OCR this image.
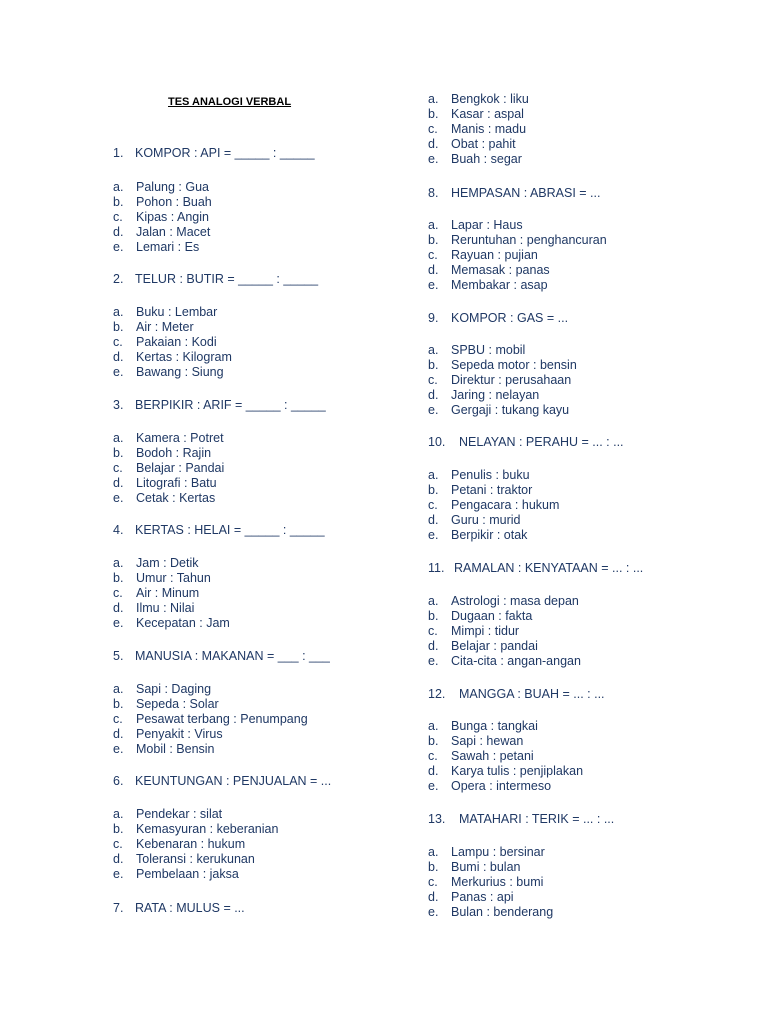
TES ANALOGI VERBAL
1. KOMPOR : API = _____ : _____
a. Palung : Gua
b. Pohon : Buah
c. Kipas : Angin
d. Jalan : Macet
e. Lemari : Es
2. TELUR : BUTIR = _____ : _____
a. Buku : Lembar
b. Air : Meter
c. Pakaian : Kodi
d. Kertas : Kilogram
e. Bawang : Siung
3. BERPIKIR : ARIF = _____ : _____
a. Kamera : Potret
b. Bodoh : Rajin
c. Belajar : Pandai
d. Litografi : Batu
e. Cetak : Kertas
4. KERTAS : HELAI = _____ : _____
a. Jam : Detik
b. Umur : Tahun
c. Air : Minum
d. Ilmu : Nilai
e. Kecepatan : Jam
5. MANUSIA : MAKANAN = ___ : ___
a. Sapi : Daging
b. Sepeda : Solar
c. Pesawat terbang : Penumpang
d. Penyakit : Virus
e. Mobil : Bensin
6. KEUNTUNGAN : PENJUALAN = ...
a. Pendekar : silat
b. Kemasyuran : keberanian
c. Kebenaran : hukum
d. Toleransi : kerukunan
e. Pembelaan : jaksa
7. RATA : MULUS = ...
a. Bengkok : liku
b. Kasar : aspal
c. Manis : madu
d. Obat : pahit
e. Buah : segar
8. HEMPASAN : ABRASI = ...
a. Lapar : Haus
b. Reruntuhan : penghancuran
c. Rayuan : pujian
d. Memasak : panas
e. Membakar : asap
9. KOMPOR : GAS = ...
a. SPBU : mobil
b. Sepeda motor : bensin
c. Direktur : perusahaan
d. Jaring : nelayan
e. Gergaji : tukang kayu
10. NELAYAN : PERAHU = ... : ...
a. Penulis : buku
b. Petani : traktor
c. Pengacara : hukum
d. Guru : murid
e. Berpikir : otak
11. RAMALAN : KENYATAAN = ... : ...
a. Astrologi : masa depan
b. Dugaan : fakta
c. Mimpi : tidur
d. Belajar : pandai
e. Cita-cita : angan-angan
12. MANGGA : BUAH = ... : ...
a. Bunga : tangkai
b. Sapi : hewan
c. Sawah : petani
d. Karya tulis : penjiplakan
e. Opera : intermeso
13. MATAHARI : TERIK = ... : ...
a. Lampu : bersinar
b. Bumi : bulan
c. Merkurius : bumi
d. Panas : api
e. Bulan : benderang
